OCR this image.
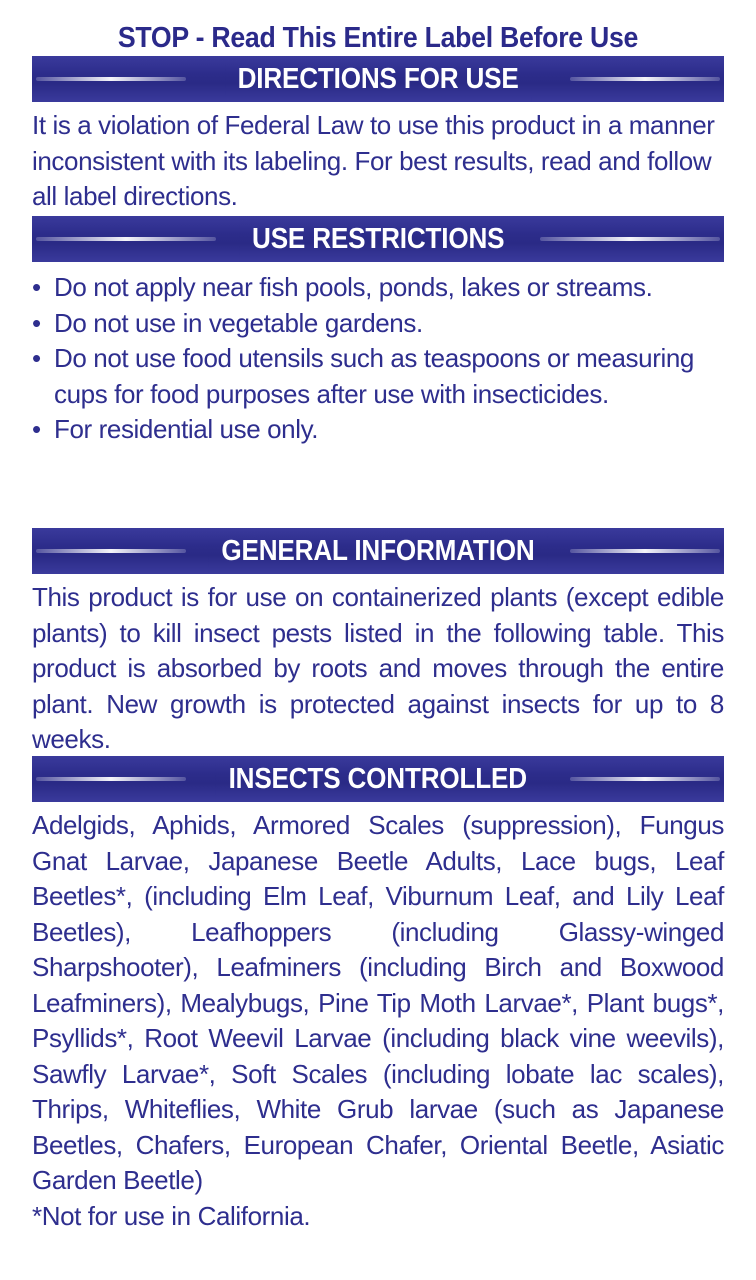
STOP - Read This Entire Label Before Use
DIRECTIONS FOR USE
It is a violation of Federal Law to use this product in a manner inconsistent with its labeling. For best results, read and follow all label directions.
USE RESTRICTIONS
• Do not apply near fish pools, ponds, lakes or streams.
• Do not use in vegetable gardens.
• Do not use food utensils such as teaspoons or measuring cups for food purposes after use with insecticides.
• For residential use only.
GENERAL INFORMATION
This product is for use on containerized plants (except edible plants) to kill insect pests listed in the following table. This product is absorbed by roots and moves through the entire plant. New growth is protected against insects for up to 8 weeks.
INSECTS CONTROLLED
Adelgids, Aphids, Armored Scales (suppression), Fungus Gnat Larvae, Japanese Beetle Adults, Lace bugs, Leaf Beetles*, (including Elm Leaf, Viburnum Leaf, and Lily Leaf Beetles), Leafhoppers (including Glassy-winged Sharpshooter), Leafminers (including Birch and Boxwood Leafminers), Mealybugs, Pine Tip Moth Larvae*, Plant bugs*, Psyllids*, Root Weevil Larvae (including black vine weevils), Sawfly Larvae*, Soft Scales (including lobate lac scales), Thrips, Whiteflies, White Grub larvae (such as Japanese Beetles, Chafers, European Chafer, Oriental Beetle, Asiatic Garden Beetle)
*Not for use in California.
